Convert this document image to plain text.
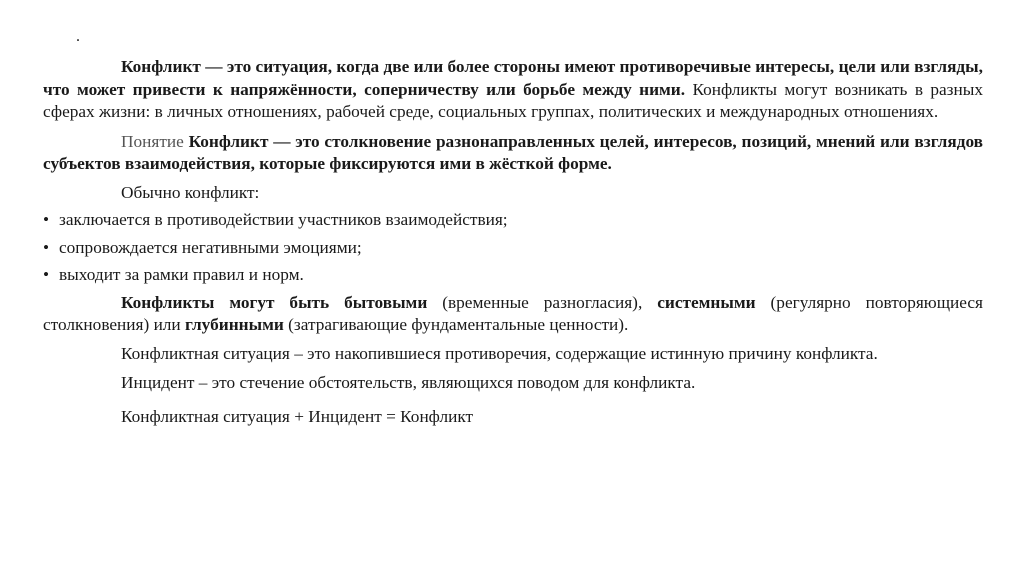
.

Конфликт — это ситуация, когда две или более стороны имеют противоречивые интересы, цели или взгляды, что может привести к напряжённости, соперничеству или борьбе между ними. Конфликты могут возникать в разных сферах жизни: в личных отношениях, рабочей среде, социальных группах, политических и международных отношениях.

Понятие Конфликт — это столкновение разнонаправленных целей, интересов, позиций, мнений или взглядов субъектов взаимодействия, которые фиксируются ими в жёсткой форме.

Обычно конфликт:

• заключается в противодействии участников взаимодействия;
• сопровождается негативными эмоциями;
• выходит за рамки правил и норм.

Конфликты могут быть бытовыми (временные разногласия), системными (регулярно повторяющиеся столкновения) или глубинными (затрагивающие фундаментальные ценности).

Конфликтная ситуация – это накопившиеся противоречия, содержащие истинную причину конфликта.

Инцидент – это стечение обстоятельств, являющихся поводом для конфликта.

Конфликтная ситуация + Инцидент = Конфликт
